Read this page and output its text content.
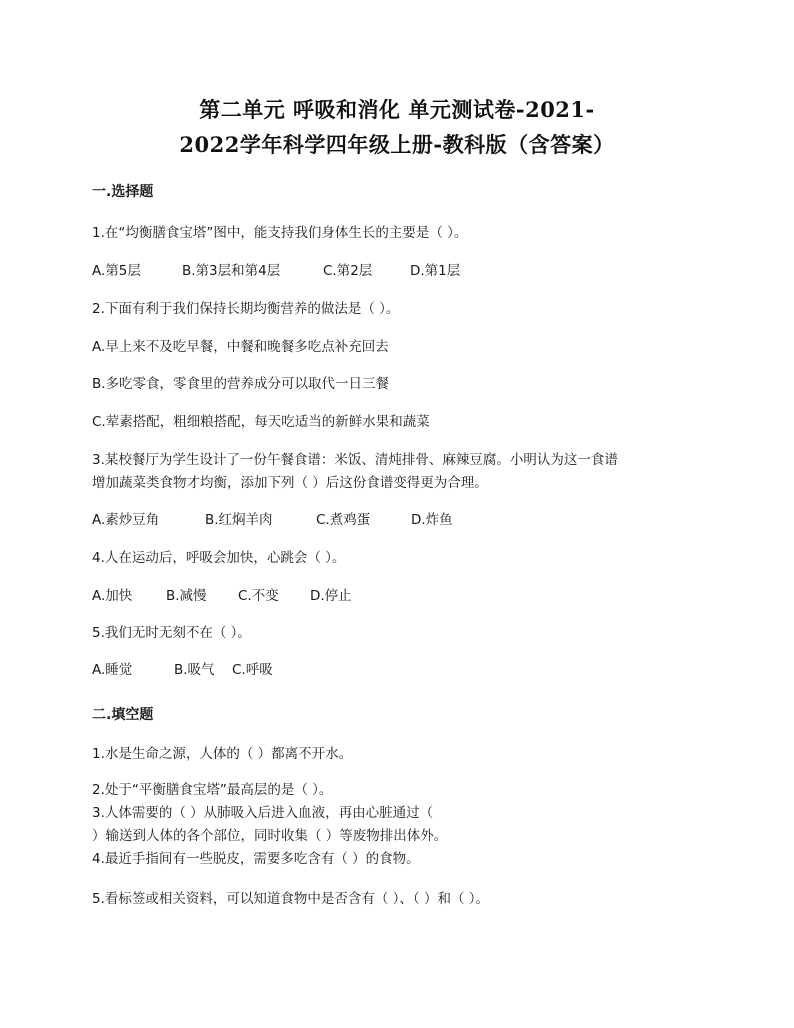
第二单元 呼吸和消化 单元测试卷-2021-
2022学年科学四年级上册-教科版（含答案）
一.选择题
1.在“均衡膳食宝塔”图中，能支持我们身体生长的主要是（ ）。
A.第5层	B.第3层和第4层	C.第2层	D.第1层
2.下面有利于我们保持长期均衡营养的做法是（ ）。
A.早上来不及吃早餐，中餐和晚餐多吃点补充回去
B.多吃零食，零食里的营养成分可以取代一日三餐
C.荤素搭配，粗细粮搭配，每天吃适当的新鲜水果和蔬菜
3.某校餐厅为学生设计了一份午餐食谱：米饭、清炖排骨、麻辣豆腐。小明认为这一食谱
增加蔬菜类食物才均衡，添加下列（ ）后这份食谱变得更为合理。
A.素炒豆角	B.红焖羊肉	C.煮鸡蛋	D.炸鱼
4.人在运动后，呼吸会加快，心跳会（ ）。
A.加快 B.减慢 C.不变 D.停止
5.我们无时无刻不在（ ）。
A.睡觉	B.吸气 C.呼吸
二.填空题
1.水是生命之源，人体的（ ）都离不开水。
2.处于“平衡膳食宝塔”最高层的是（ ）。
3.人体需要的（ ）从肺吸入后进入血液，再由心脏通过（
）输送到人体的各个部位，同时收集（ ）等废物排出体外。
4.最近手指间有一些脱皮，需要多吃含有（ ）的食物。
5.看标签或相关资料，可以知道食物中是否含有（ ）、（ ）和（ ）。
